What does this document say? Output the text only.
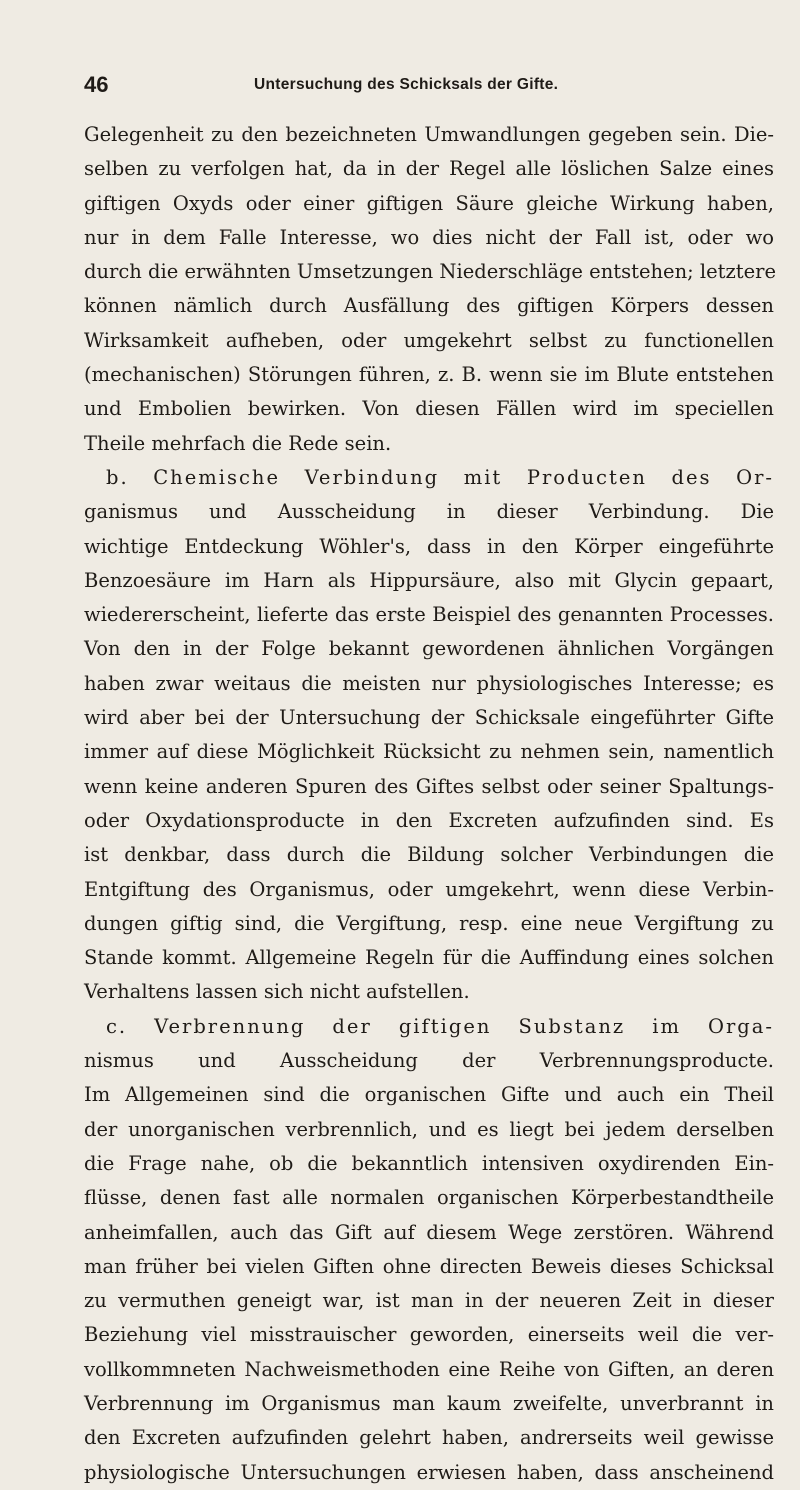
46	Untersuchung des Schicksals der Gifte.
Gelegenheit zu den bezeichneten Umwandlungen gegeben sein. Die-
selben zu verfolgen hat, da in der Regel alle löslichen Salze eines
giftigen Oxyds oder einer giftigen Säure gleiche Wirkung haben,
nur in dem Falle Interesse, wo dies nicht der Fall ist, oder wo
durch die erwähnten Umsetzungen Niederschläge entstehen; letztere
können nämlich durch Ausfällung des giftigen Körpers dessen
Wirksamkeit aufheben, oder umgekehrt selbst zu functionellen
(mechanischen) Störungen führen, z. B. wenn sie im Blute entstehen
und Embolien bewirken. Von diesen Fällen wird im speciellen
Theile mehrfach die Rede sein.
b. Chemische Verbindung mit Producten des Or-
ganismus und Ausscheidung in dieser Verbindung. Die
wichtige Entdeckung Wöhler's, dass in den Körper eingeführte
Benzoesäure im Harn als Hippursäure, also mit Glycin gepaart,
wiedererscheint, lieferte das erste Beispiel des genannten Processes.
Von den in der Folge bekannt gewordenen ähnlichen Vorgängen
haben zwar weitaus die meisten nur physiologisches Interesse; es
wird aber bei der Untersuchung der Schicksale eingeführter Gifte
immer auf diese Möglichkeit Rücksicht zu nehmen sein, namentlich
wenn keine anderen Spuren des Giftes selbst oder seiner Spaltungs-
oder Oxydationsproducte in den Excreten aufzufinden sind. Es
ist denkbar, dass durch die Bildung solcher Verbindungen die
Entgiftung des Organismus, oder umgekehrt, wenn diese Verbin-
dungen giftig sind, die Vergiftung, resp. eine neue Vergiftung zu
Stande kommt. Allgemeine Regeln für die Auffindung eines solchen
Verhaltens lassen sich nicht aufstellen.
c. Verbrennung der giftigen Substanz im Orga-
nismus und Ausscheidung der Verbrennungsproducte.
Im Allgemeinen sind die organischen Gifte und auch ein Theil
der unorganischen verbrennlich, und es liegt bei jedem derselben
die Frage nahe, ob die bekanntlich intensiven oxydirenden Ein-
flüsse, denen fast alle normalen organischen Körperbestandtheile
anheimfallen, auch das Gift auf diesem Wege zerstören. Während
man früher bei vielen Giften ohne directen Beweis dieses Schicksal
zu vermuthen geneigt war, ist man in der neueren Zeit in dieser
Beziehung viel misstrauischer geworden, einerseits weil die ver-
vollkommneten Nachweismethoden eine Reihe von Giften, an deren
Verbrennung im Organismus man kaum zweifelte, unverbrannt in
den Excreten aufzufinden gelehrt haben, andrerseits weil gewisse
physiologische Untersuchungen erwiesen haben, dass anscheinend
